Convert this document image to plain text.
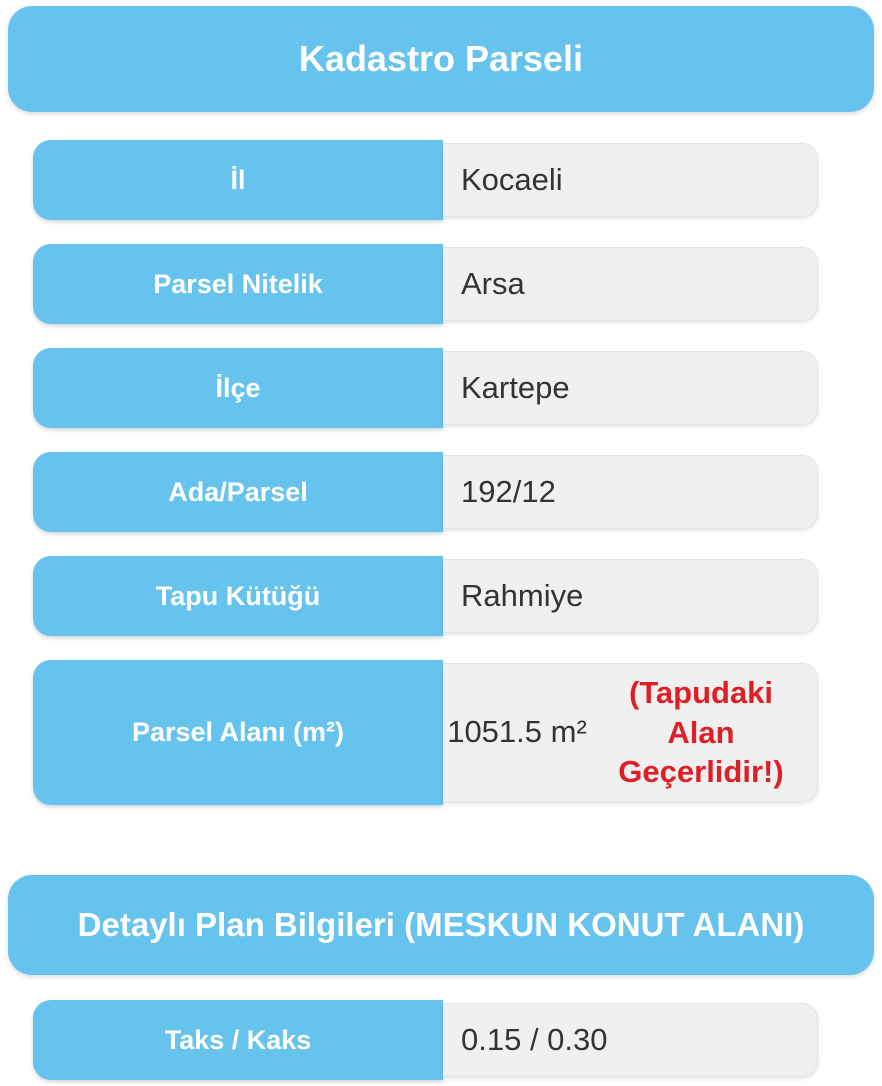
Kadastro Parseli
İl	Kocaeli
Parsel Nitelik	Arsa
İlçe	Kartepe
Ada/Parsel	192/12
Tapu Kütüğü	Rahmiye
Parsel Alanı (m²)	1051.5 m²
(Tapudaki Alan Geçerlidir!)
Detaylı Plan Bilgileri (MESKUN KONUT ALANI)
Taks / Kaks	0.15 / 0.30
